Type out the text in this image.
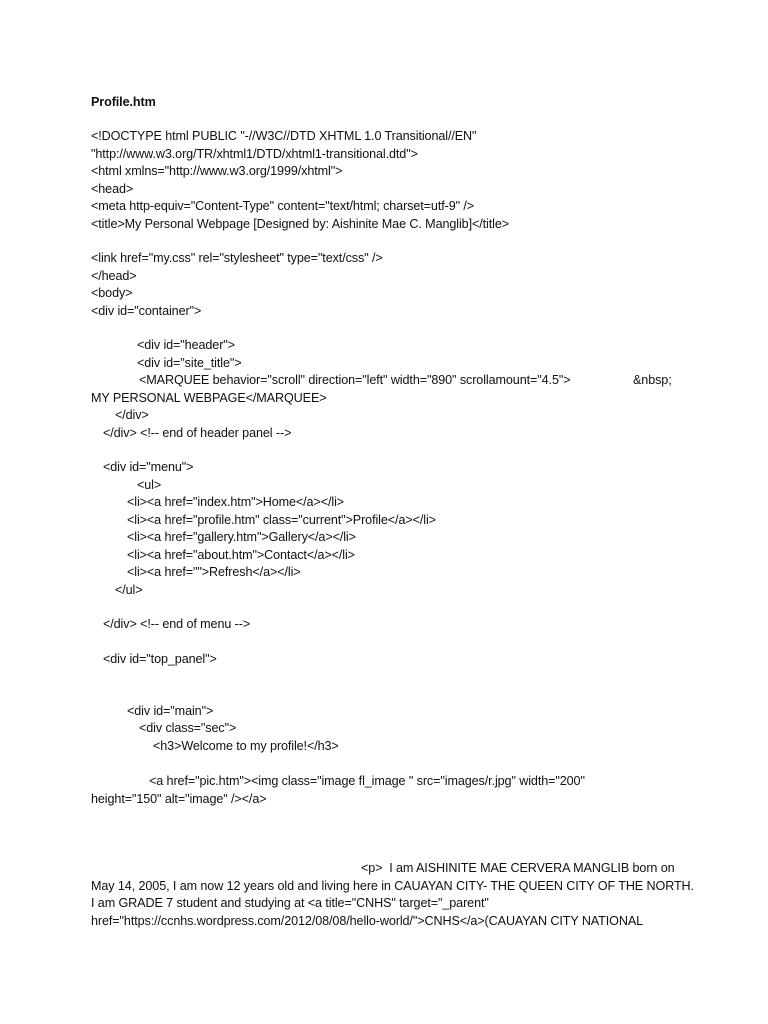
Profile.htm
<!DOCTYPE html PUBLIC "-//W3C//DTD XHTML 1.0 Transitional//EN"
"http://www.w3.org/TR/xhtml1/DTD/xhtml1-transitional.dtd">
<html xmlns="http://www.w3.org/1999/xhtml">
<head>
<meta http-equiv="Content-Type" content="text/html; charset=utf-9" />
<title>My Personal Webpage [Designed by: Aishinite Mae C. Manglib]</title>
<link href="my.css" rel="stylesheet" type="text/css" />
</head>
<body>
<div id="container">
<div id="header">
<div id="site_title">
<MARQUEE behavior="scroll" direction="left" width="890" scrollamount="4.5">	&nbsp;
MY PERSONAL WEBPAGE</MARQUEE>
</div>
</div> <!-- end of header panel -->
<div id="menu">
<ul>
<li><a href="index.htm">Home</a></li>
<li><a href="profile.htm" class="current">Profile</a></li>
<li><a href="gallery.htm">Gallery</a></li>
<li><a href="about.htm">Contact</a></li>
<li><a href="">Refresh</a></li>
</ul>
</div> <!-- end of menu -->
<div id="top_panel">
<div id="main">
<div class="sec">
<h3>Welcome to my profile!</h3>
<a href="pic.htm"><img class="image fl_image " src="images/r.jpg" width="200"
height="150" alt="image" /></a>
<p>  I am AISHINITE MAE CERVERA MANGLIB born on
May 14, 2005, I am now 12 years old and living here in CAUAYAN CITY- THE QUEEN CITY OF THE NORTH.
I am GRADE 7 student and studying at <a title="CNHS" target="_parent"
href="https://ccnhs.wordpress.com/2012/08/08/hello-world/">CNHS</a>(CAUAYAN CITY NATIONAL
